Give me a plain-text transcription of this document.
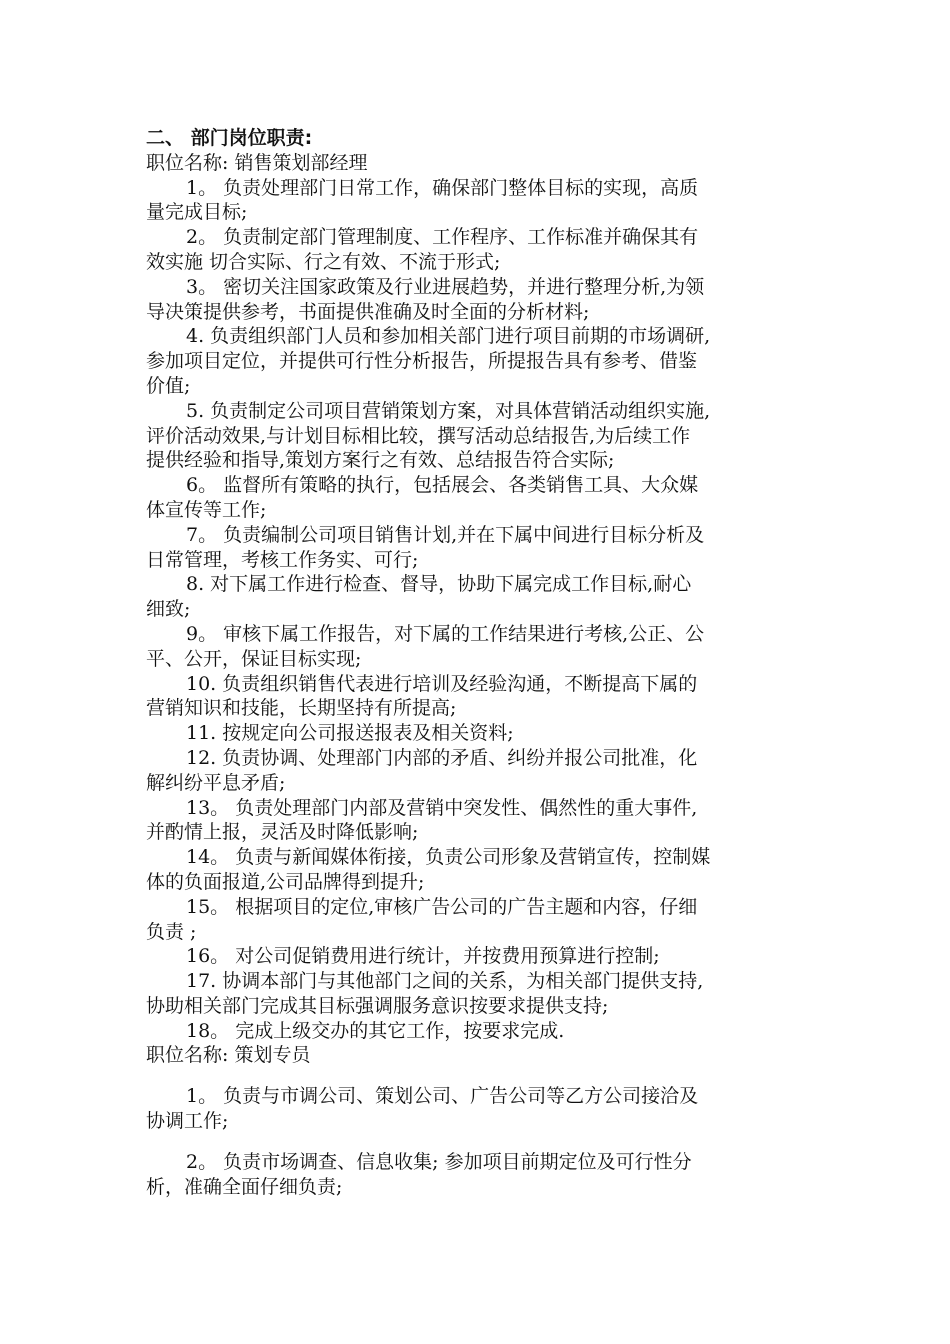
二、 部门岗位职责:

职位名称: 销售策划部经理

1。 负责处理部门日常工作，确保部门整体目标的实现，高质

量完成目标;

2。 负责制定部门管理制度、工作程序、工作标准并确保其有

效实施 切合实际、行之有效、不流于形式;

3。 密切关注国家政策及行业进展趋势，并进行整理分析,为领

导决策提供参考，书面提供准确及时全面的分析材料;

4. 负责组织部门人员和参加相关部门进行项目前期的市场调研,

参加项目定位，并提供可行性分析报告，所提报告具有参考、借鉴

价值;

5. 负责制定公司项目营销策划方案，对具体营销活动组织实施,

评价活动效果,与计划目标相比较，撰写活动总结报告,为后续工作

提供经验和指导,策划方案行之有效、总结报告符合实际;

6。 监督所有策略的执行，包括展会、各类销售工具、大众媒

体宣传等工作;

7。 负责编制公司项目销售计划,并在下属中间进行目标分析及

日常管理，考核工作务实、可行;

8. 对下属工作进行检查、督导，协助下属完成工作目标,耐心

细致;

9。 审核下属工作报告，对下属的工作结果进行考核,公正、公

平、公开，保证目标实现;

10. 负责组织销售代表进行培训及经验沟通，不断提高下属的

营销知识和技能，长期坚持有所提高;

11. 按规定向公司报送报表及相关资料;

12. 负责协调、处理部门内部的矛盾、纠纷并报公司批准，化

解纠纷平息矛盾;

13。 负责处理部门内部及营销中突发性、偶然性的重大事件,

并酌情上报，灵活及时降低影响;

14。 负责与新闻媒体衔接，负责公司形象及营销宣传，控制媒

体的负面报道,公司品牌得到提升;

15。 根据项目的定位,审核广告公司的广告主题和内容，仔细

负责 ;

16。 对公司促销费用进行统计，并按费用预算进行控制;

17. 协调本部门与其他部门之间的关系，为相关部门提供支持,

协助相关部门完成其目标强调服务意识按要求提供支持;

18。 完成上级交办的其它工作，按要求完成.

职位名称: 策划专员

1。 负责与市调公司、策划公司、广告公司等乙方公司接洽及

协调工作;

2。 负责市场调查、信息收集; 参加项目前期定位及可行性分

析，准确全面仔细负责;
